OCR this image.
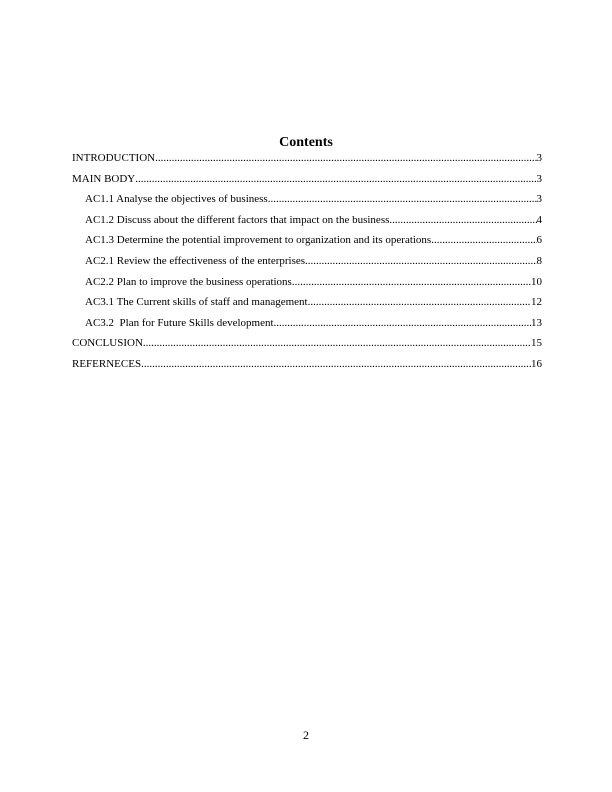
Contents
INTRODUCTION .....	3
MAIN BODY .....	3
AC1.1 Analyse the objectives of business .....	3
AC1.2 Discuss about the different factors that impact on the business .....	4
AC1.3 Determine the potential improvement to organization and its operations. .....	6
AC2.1 Review the effectiveness of the enterprises .....	8
AC2.2 Plan to improve the business operations .....	10
AC3.1 The Current skills of staff and management .....	12
AC3.2  Plan for Future Skills development .....	13
CONCLUSION .....	15
REFERNECES .....	16
2
